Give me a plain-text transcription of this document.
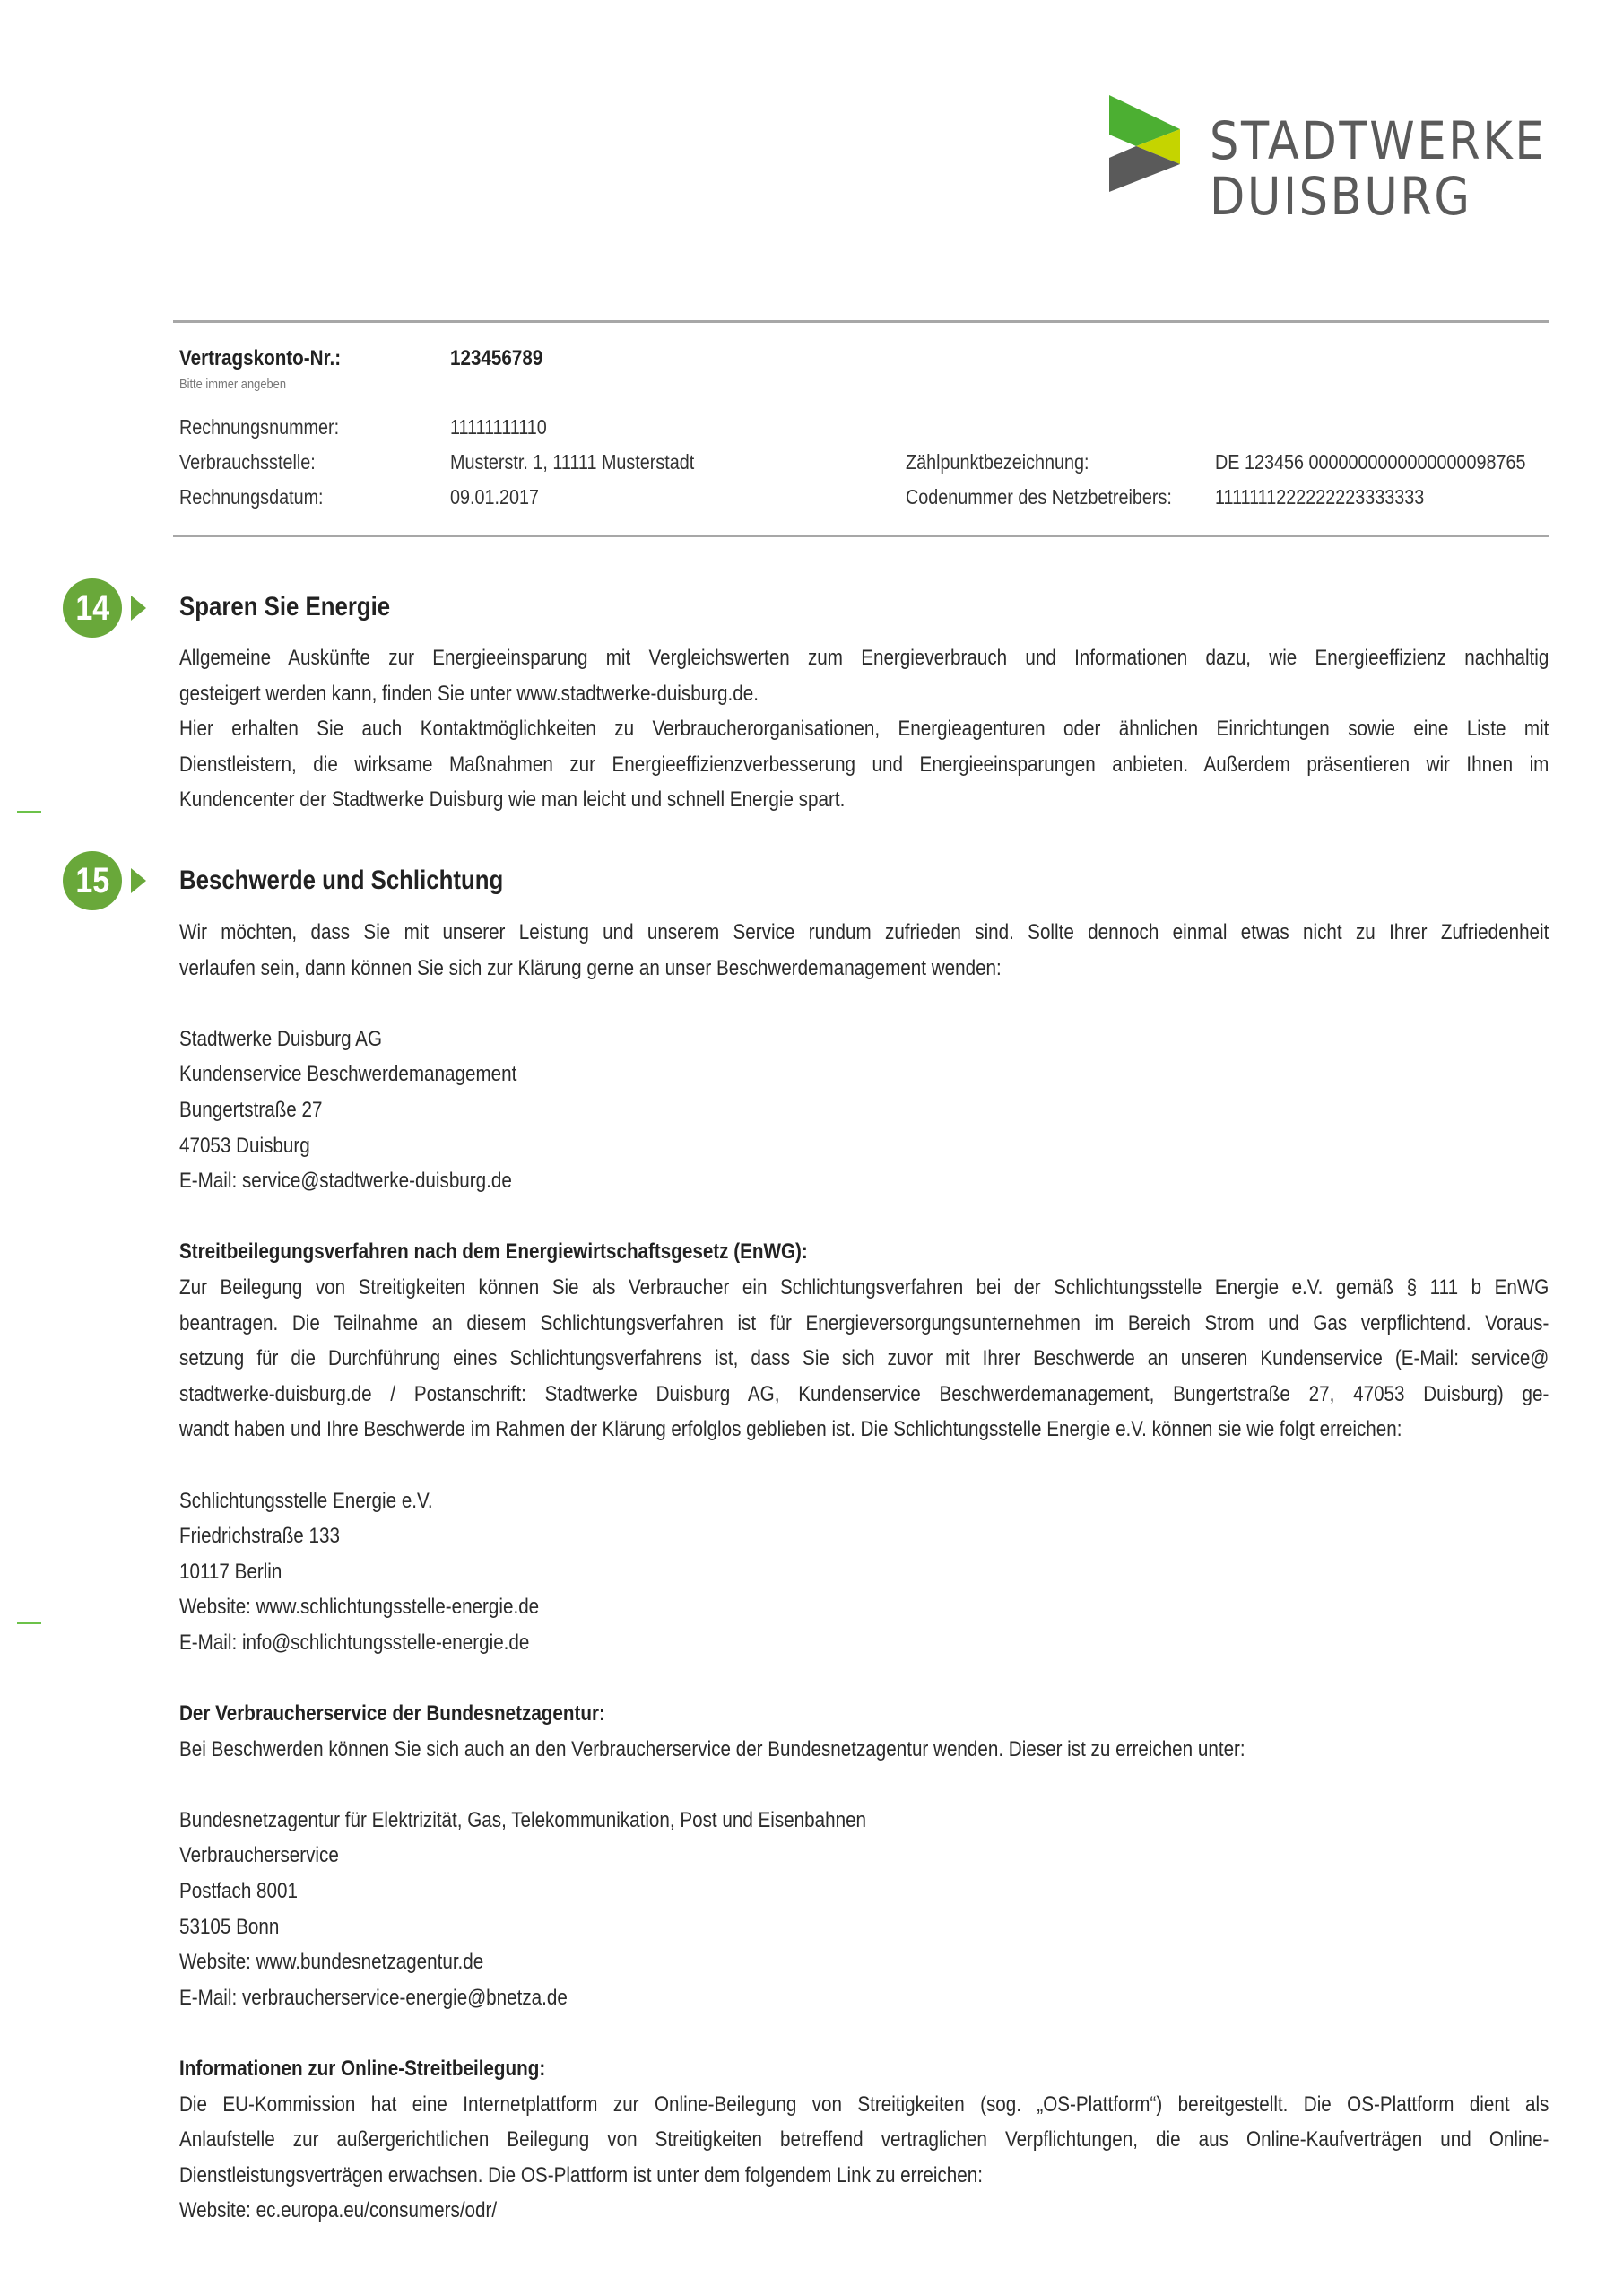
STADTWERKE
DUISBURG
Vertragskonto-Nr.:	123456789
Bitte immer angeben
Rechnungsnummer:	11111111110
Verbrauchsstelle:	Musterstr. 1, 11111 Musterstadt
Rechnungsdatum:	09.01.2017
Zählpunktbezeichnung:	DE 123456 0000000000000000098765
Codenummer des Netzbetreibers: 1111111222222223333333
14
15
Sparen Sie Energie
Allgemeine Auskünfte zur Energieeinsparung mit Vergleichswerten zum Energieverbrauch und Informationen dazu, wie Energieeffizienz nachhaltig
gesteigert werden kann, finden Sie unter www.stadtwerke-duisburg.de.
Hier erhalten Sie auch Kontaktmöglichkeiten zu Verbraucherorganisationen, Energieagenturen oder ähnlichen Einrichtungen sowie eine Liste mit
Dienstleistern, die wirksame Maßnahmen zur Energieeffizienzverbesserung und Energieeinsparungen anbieten. Außerdem präsentieren wir Ihnen im
Kundencenter der Stadtwerke Duisburg wie man leicht und schnell Energie spart.
Beschwerde und Schlichtung
Wir möchten, dass Sie mit unserer Leistung und unserem Service rundum zufrieden sind. Sollte dennoch einmal etwas nicht zu Ihrer Zufriedenheit
verlaufen sein, dann können Sie sich zur Klärung gerne an unser Beschwerdemanagement wenden:
Stadtwerke Duisburg AG
Kundenservice Beschwerdemanagement
Bungertstraße 27
47053 Duisburg
E-Mail: service@stadtwerke-duisburg.de
Streitbeilegungsverfahren nach dem Energiewirtschaftsgesetz (EnWG):
Zur Beilegung von Streitigkeiten können Sie als Verbraucher ein Schlichtungsverfahren bei der Schlichtungsstelle Energie e.V. gemäß § 111 b EnWG
beantragen. Die Teilnahme an diesem Schlichtungsverfahren ist für Energieversorgungsunternehmen im Bereich Strom und Gas verpflichtend. Voraus-
setzung für die Durchführung eines Schlichtungsverfahrens ist, dass Sie sich zuvor mit Ihrer Beschwerde an unseren Kundenservice (E-Mail: service@
stadtwerke-duisburg.de / Postanschrift: Stadtwerke Duisburg AG, Kundenservice Beschwerdemanagement, Bungertstraße 27, 47053 Duisburg) ge-
wandt haben und Ihre Beschwerde im Rahmen der Klärung erfolglos geblieben ist. Die Schlichtungsstelle Energie e.V. können sie wie folgt erreichen:
Schlichtungsstelle Energie e.V.
Friedrichstraße 133
10117 Berlin
Website: www.schlichtungsstelle-energie.de
E-Mail: info@schlichtungsstelle-energie.de
Der Verbraucherservice der Bundesnetzagentur:
Bei Beschwerden können Sie sich auch an den Verbraucherservice der Bundesnetzagentur wenden. Dieser ist zu erreichen unter:
Bundesnetzagentur für Elektrizität, Gas, Telekommunikation, Post und Eisenbahnen
Verbraucherservice
Postfach 8001
53105 Bonn
Website: www.bundesnetzagentur.de
E-Mail: verbraucherservice-energie@bnetza.de
Informationen zur Online-Streitbeilegung:
Die EU-Kommission hat eine Internetplattform zur Online-Beilegung von Streitigkeiten (sog. „OS-Plattform“) bereitgestellt. Die OS-Plattform dient als
Anlaufstelle zur außergerichtlichen Beilegung von Streitigkeiten betreffend vertraglichen Verpflichtungen, die aus Online-Kaufverträgen und Online-
Dienstleistungsverträgen erwachsen. Die OS-Plattform ist unter dem folgendem Link zu erreichen:
Website: ec.europa.eu/consumers/odr/
